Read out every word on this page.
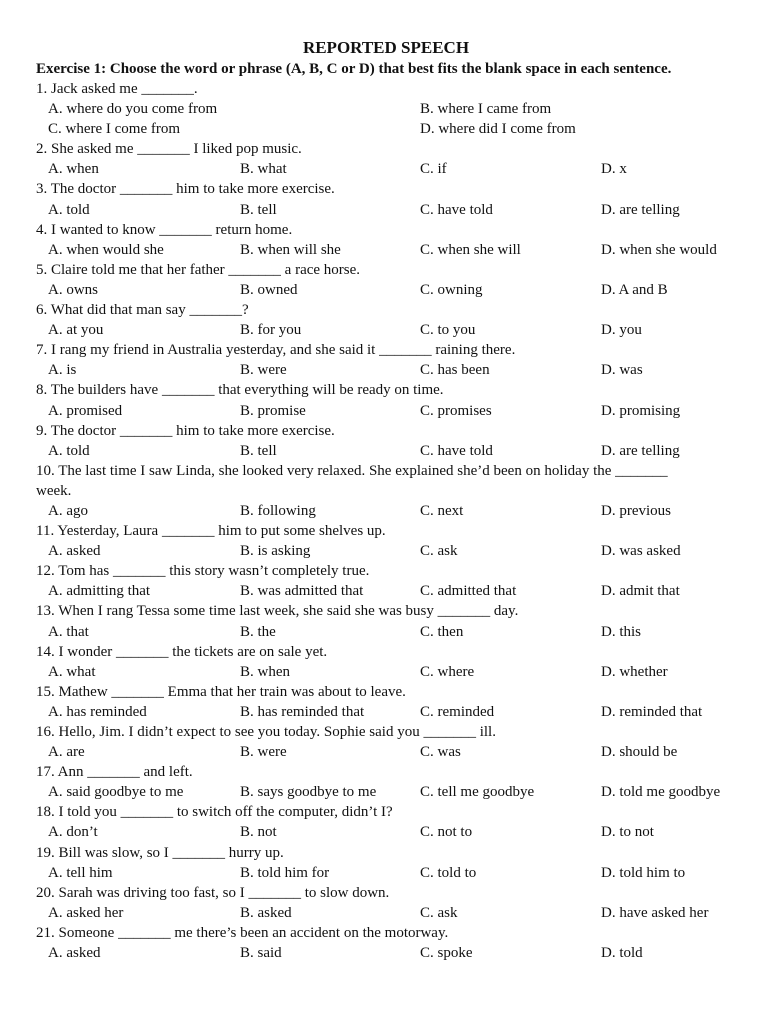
REPORTED SPEECH
Exercise 1: Choose the word or phrase (A, B, C or D) that best fits the blank space in each sentence.
1. Jack asked me _______.
A. where do you come from	B. where I came from
C. where I come from	D. where did I come from
2. She asked me _______ I liked pop music.
A. when	B. what	C. if	D. x
3. The doctor _______ him to take more exercise.
A. told	B. tell	C. have told	D. are telling
4. I wanted to know _______ return home.
A. when would she	B. when will she	C. when she will	D. when she would
5. Claire told me that her father _______ a race horse.
A. owns	B. owned	C. owning	D. A and B
6. What did that man say _______?
A. at you	B. for you	C. to you	D. you
7. I rang my friend in Australia yesterday, and she said it _______ raining there.
A. is	B. were	C. has been	D. was
8. The builders have _______ that everything will be ready on time.
A. promised	B. promise	C. promises	D. promising
9. The doctor _______ him to take more exercise.
A. told	B. tell	C. have told	D. are telling
10. The last time I saw Linda, she looked very relaxed. She explained she’d been on holiday the _______ week.
A. ago	B. following	C. next	D. previous
11. Yesterday, Laura _______ him to put some shelves up.
A. asked	B. is asking	C. ask	D. was asked
12. Tom has _______ this story wasn’t completely true.
A. admitting that	B. was admitted that	C. admitted that	D. admit that
13. When I rang Tessa some time last week, she said she was busy _______ day.
A. that	B. the	C. then	D. this
14. I wonder _______ the tickets are on sale yet.
A. what	B. when	C. where	D. whether
15. Mathew _______ Emma that her train was about to leave.
A. has reminded	B. has reminded that	C. reminded	D. reminded that
16. Hello, Jim. I didn’t expect to see you today. Sophie said you _______ ill.
A. are	B. were	C. was	D. should be
17. Ann _______ and left.
A. said goodbye to me	B. says goodbye to me	C. tell me goodbye	D. told me goodbye
18. I told you _______ to switch off the computer, didn’t I?
A. don’t	B. not	C. not to	D. to not
19. Bill was slow, so I _______ hurry up.
A. tell him	B. told him for	C. told to	D. told him to
20. Sarah was driving too fast, so I _______ to slow down.
A. asked her	B. asked	C. ask	D. have asked her
21. Someone _______ me there’s been an accident on the motorway.
A. asked	B. said	C. spoke	D. told
